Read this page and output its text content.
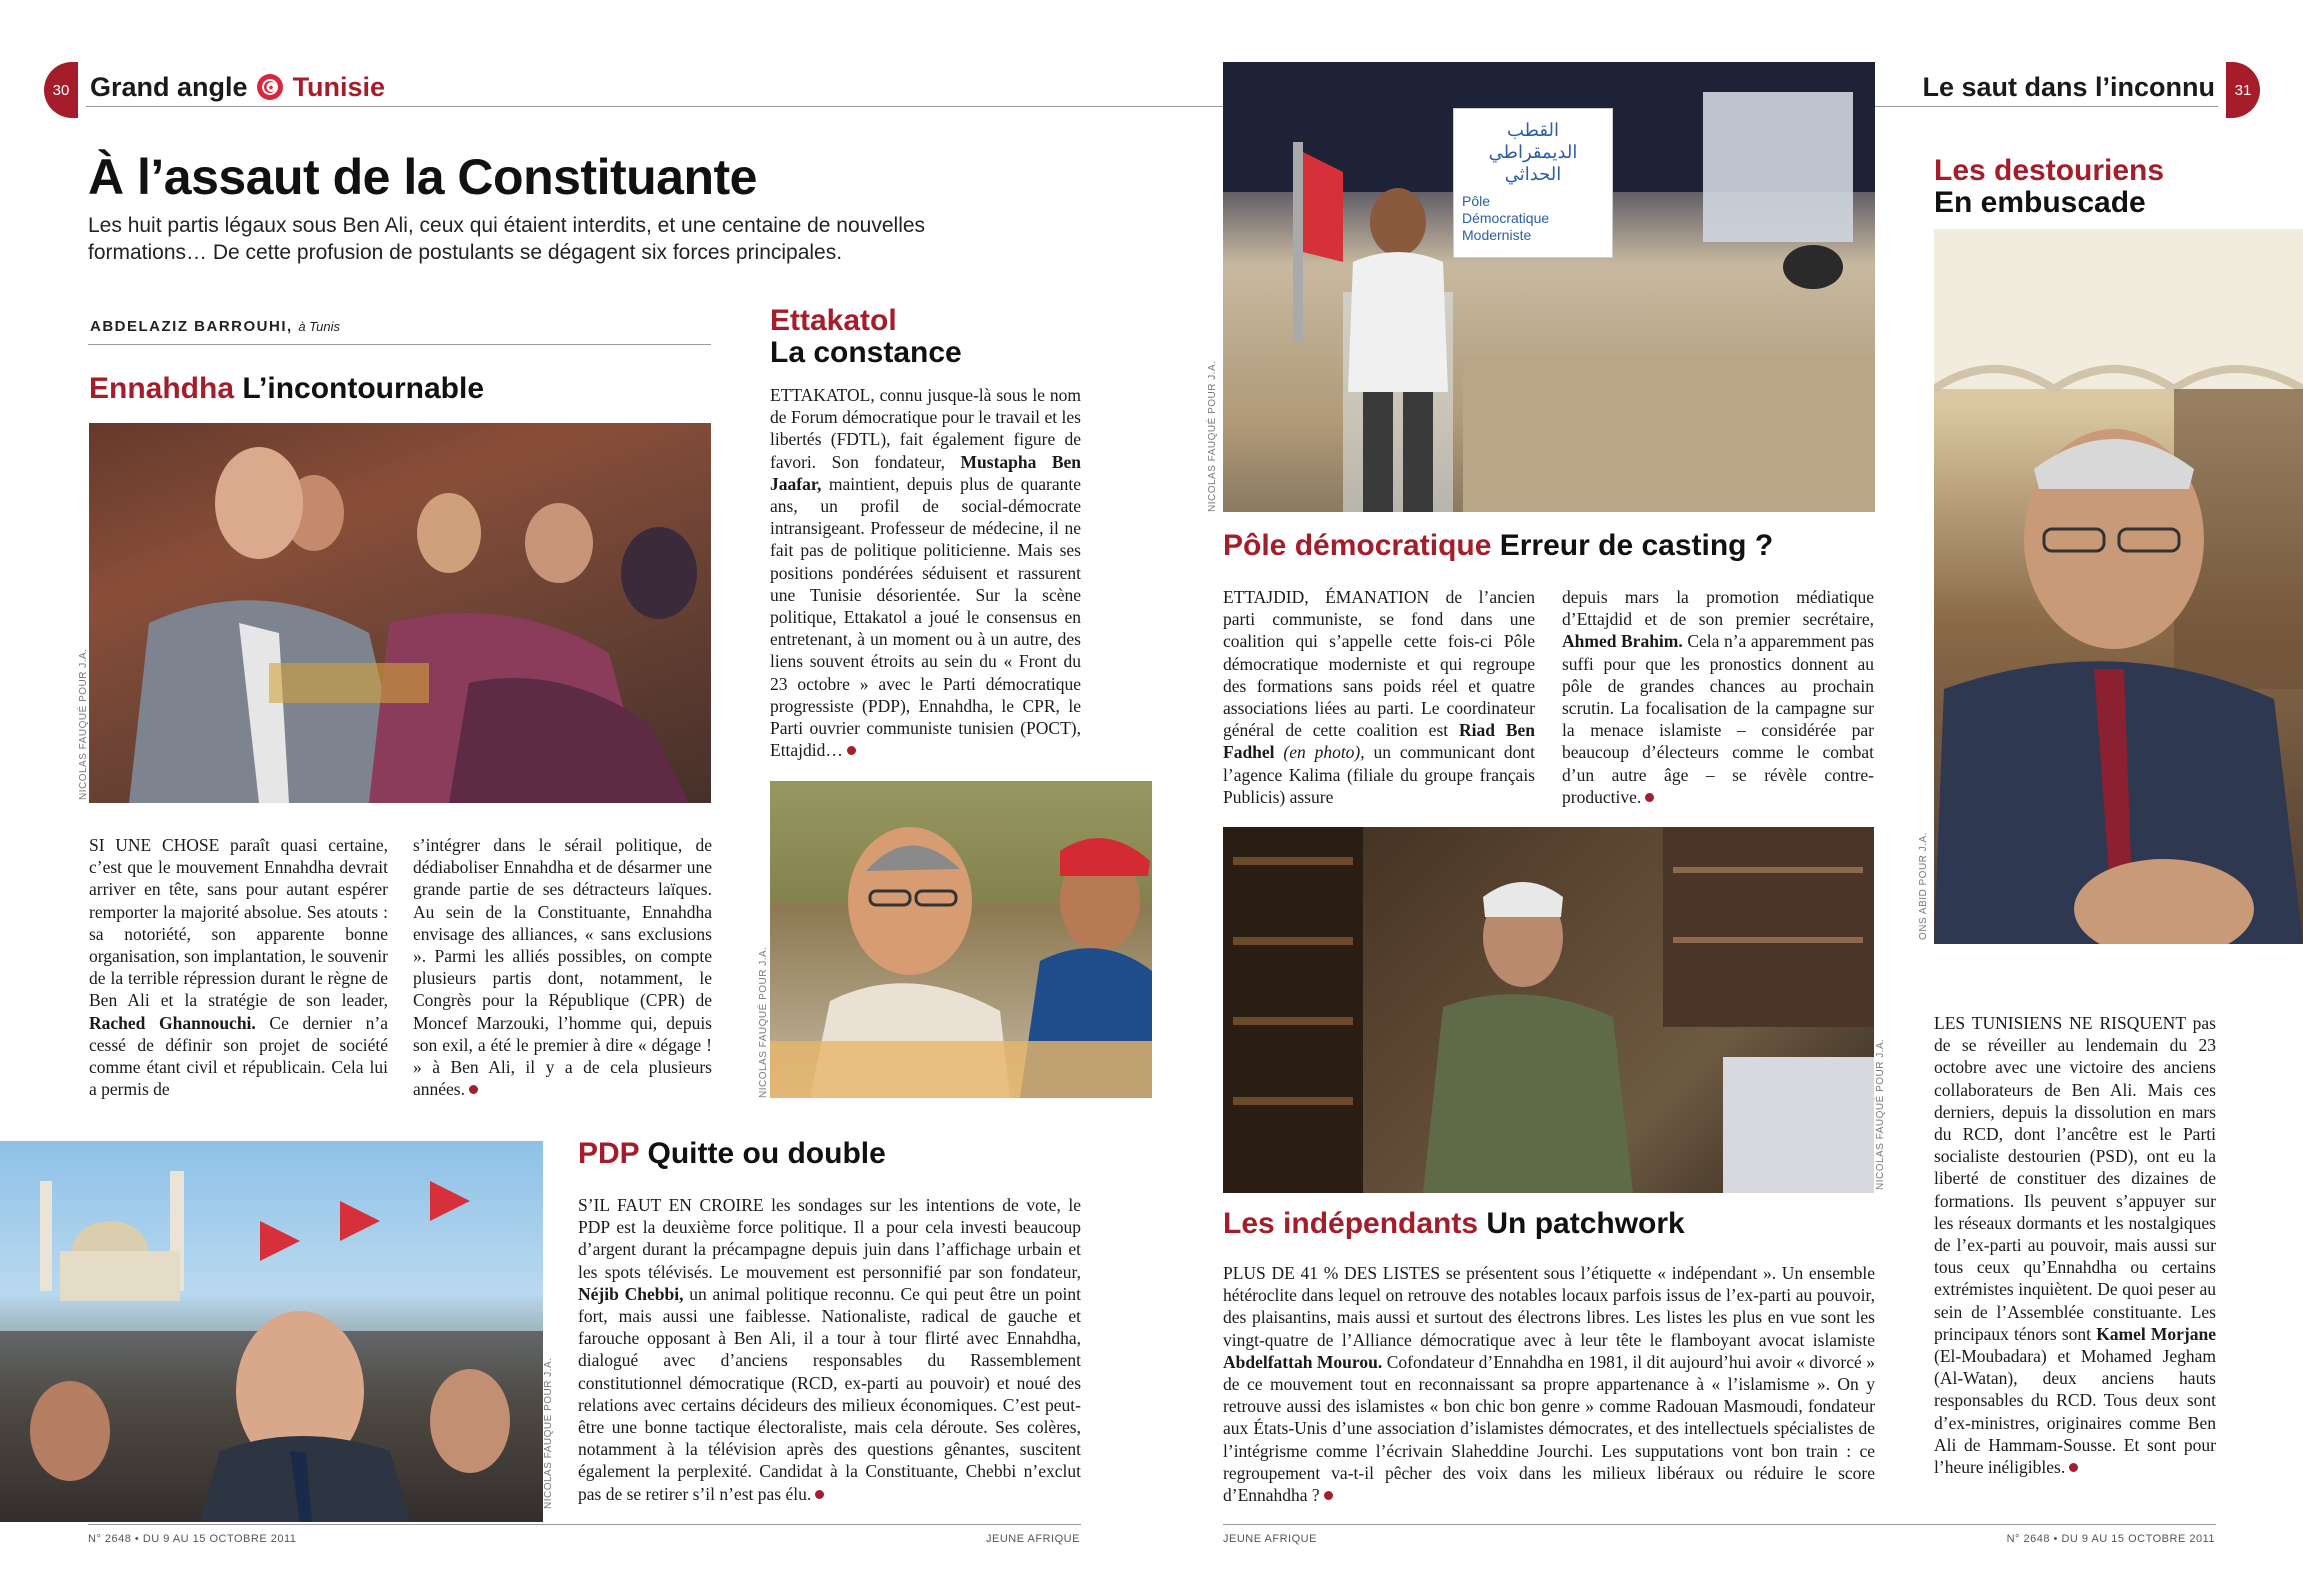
30 Grand angle Tunisie	Le saut dans l’inconnu	31
À l’assaut de la Constituante
Les huit partis légaux sous Ben Ali, ceux qui étaient interdits, et une centaine de nouvelles formations… De cette profusion de postulants se dégagent six forces principales.
ABDELAZIZ BARROUHI, à Tunis
Ennahdha L’incontournable
NICOLAS FAUQUÉ POUR J.A.
SI UNE CHOSE paraît quasi certaine, c’est que le mouvement Ennahdha devrait arriver en tête, sans pour autant espérer remporter la majorité absolue. Ses atouts : sa notoriété, son apparente bonne organisation, son implantation, le souvenir de la terrible répression durant le règne de Ben Ali et la stratégie de son leader, Rached Ghannouchi. Ce dernier n’a cessé de définir son projet de société comme étant civil et républicain. Cela lui a permis de
s’intégrer dans le sérail politique, de dédiaboliser Ennahdha et de désarmer une grande partie de ses détracteurs laïques. Au sein de la Constituante, Ennahdha envisage des alliances, « sans exclusions ». Parmi les alliés possibles, on compte plusieurs partis dont, notamment, le Congrès pour la République (CPR) de Moncef Marzouki, l’homme qui, depuis son exil, a été le premier à dire « dégage ! » à Ben Ali, il y a de cela plusieurs années.
Ettakatol
La constance
ETTAKATOL, connu jusque-là sous le nom de Forum démocratique pour le travail et les libertés (FDTL), fait également figure de favori. Son fondateur, Mustapha Ben Jaafar, maintient, depuis plus de quarante ans, un profil de social-démocrate intransigeant. Professeur de médecine, il ne fait pas de politique politicienne. Mais ses positions pondérées séduisent et rassurent une Tunisie désorientée. Sur la scène politique, Ettakatol a joué le consensus en entretenant, à un moment ou à un autre, des liens souvent étroits au sein du « Front du 23 octobre » avec le Parti démocratique progressiste (PDP), Ennahdha, le CPR, le Parti ouvrier communiste tunisien (POCT), Ettajdid…
NICOLAS FAUQUÉ POUR J.A.
NICOLAS FAUQUÉ POUR J.A.
PDP Quitte ou double
S’IL FAUT EN CROIRE les sondages sur les intentions de vote, le PDP est la deuxième force politique. Il a pour cela investi beaucoup d’argent durant la précampagne depuis juin dans l’affichage urbain et les spots télévisés. Le mouvement est personnifié par son fondateur, Néjib Chebbi, un animal politique reconnu. Ce qui peut être un point fort, mais aussi une faiblesse. Nationaliste, radical de gauche et farouche opposant à Ben Ali, il a tour à tour flirté avec Ennahdha, dialogué avec d’anciens responsables du Rassemblement constitutionnel démocratique (RCD, ex-parti au pouvoir) et noué des relations avec certains décideurs des milieux économiques. C’est peut-être une bonne tactique électoraliste, mais cela déroute. Ses colères, notamment à la télévision après des questions gênantes, suscitent également la perplexité. Candidat à la Constituante, Chebbi n’exclut pas de se retirer s’il n’est pas élu.
القطب الديمقراطي الحداثي
Pôle Démocratique Moderniste
NICOLAS FAUQUÉ POUR J.A.
Pôle démocratique Erreur de casting ?
ETTAJDID, ÉMANATION de l’ancien parti communiste, se fond dans une coalition qui s’appelle cette fois-ci Pôle démocratique moderniste et qui regroupe des formations sans poids réel et quatre associations liées au parti. Le coordinateur général de cette coalition est Riad Ben Fadhel (en photo), un communicant dont l’agence Kalima (filiale du groupe français Publicis) assure
depuis mars la promotion médiatique d’Ettajdid et de son premier secrétaire, Ahmed Brahim. Cela n’a apparemment pas suffi pour que les pronostics donnent au pôle de grandes chances au prochain scrutin. La focalisation de la campagne sur la menace islamiste – considérée par beaucoup d’électeurs comme le combat d’un autre âge – se révèle contre-productive.
NICOLAS FAUQUÉ POUR J.A.
Les indépendants Un patchwork
PLUS DE 41 % DES LISTES se présentent sous l’étiquette « indépendant ». Un ensemble hétéroclite dans lequel on retrouve des notables locaux parfois issus de l’ex-parti au pouvoir, des plaisantins, mais aussi et surtout des électrons libres. Les listes les plus en vue sont les vingt-quatre de l’Alliance démocratique avec à leur tête le flamboyant avocat islamiste Abdelfattah Mourou. Cofondateur d’Ennahdha en 1981, il dit aujourd’hui avoir « divorcé » de ce mouvement tout en reconnaissant sa propre appartenance à « l’islamisme ». On y retrouve aussi des islamistes « bon chic bon genre » comme Radouan Masmoudi, fondateur aux États-Unis d’une association d’islamistes démocrates, et des intellectuels spécialistes de l’intégrisme comme l’écrivain Slaheddine Jourchi. Les supputations vont bon train : ce regroupement va-t-il pêcher des voix dans les milieux libéraux ou réduire le score d’Ennahdha ?
Les destouriens
En embuscade
ONS ABID POUR J.A.
LES TUNISIENS NE RISQUENT pas de se réveiller au lendemain du 23 octobre avec une victoire des anciens collaborateurs de Ben Ali. Mais ces derniers, depuis la dissolution en mars du RCD, dont l’ancêtre est le Parti socialiste destourien (PSD), ont eu la liberté de constituer des dizaines de formations. Ils peuvent s’appuyer sur les réseaux dormants et les nostalgiques de l’ex-parti au pouvoir, mais aussi sur tous ceux qu’Ennahdha ou certains extrémistes inquiètent. De quoi peser au sein de l’Assemblée constituante. Les principaux ténors sont Kamel Morjane (El-Moubadara) et Mohamed Jegham (Al-Watan), deux anciens hauts responsables du RCD. Tous deux sont d’ex-ministres, originaires comme Ben Ali de Hammam-Sousse. Et sont pour l’heure inéligibles.
N° 2648 • DU 9 AU 15 OCTOBRE 2011	JEUNE AFRIQUE	JEUNE AFRIQUE	N° 2648 • DU 9 AU 15 OCTOBRE 2011
